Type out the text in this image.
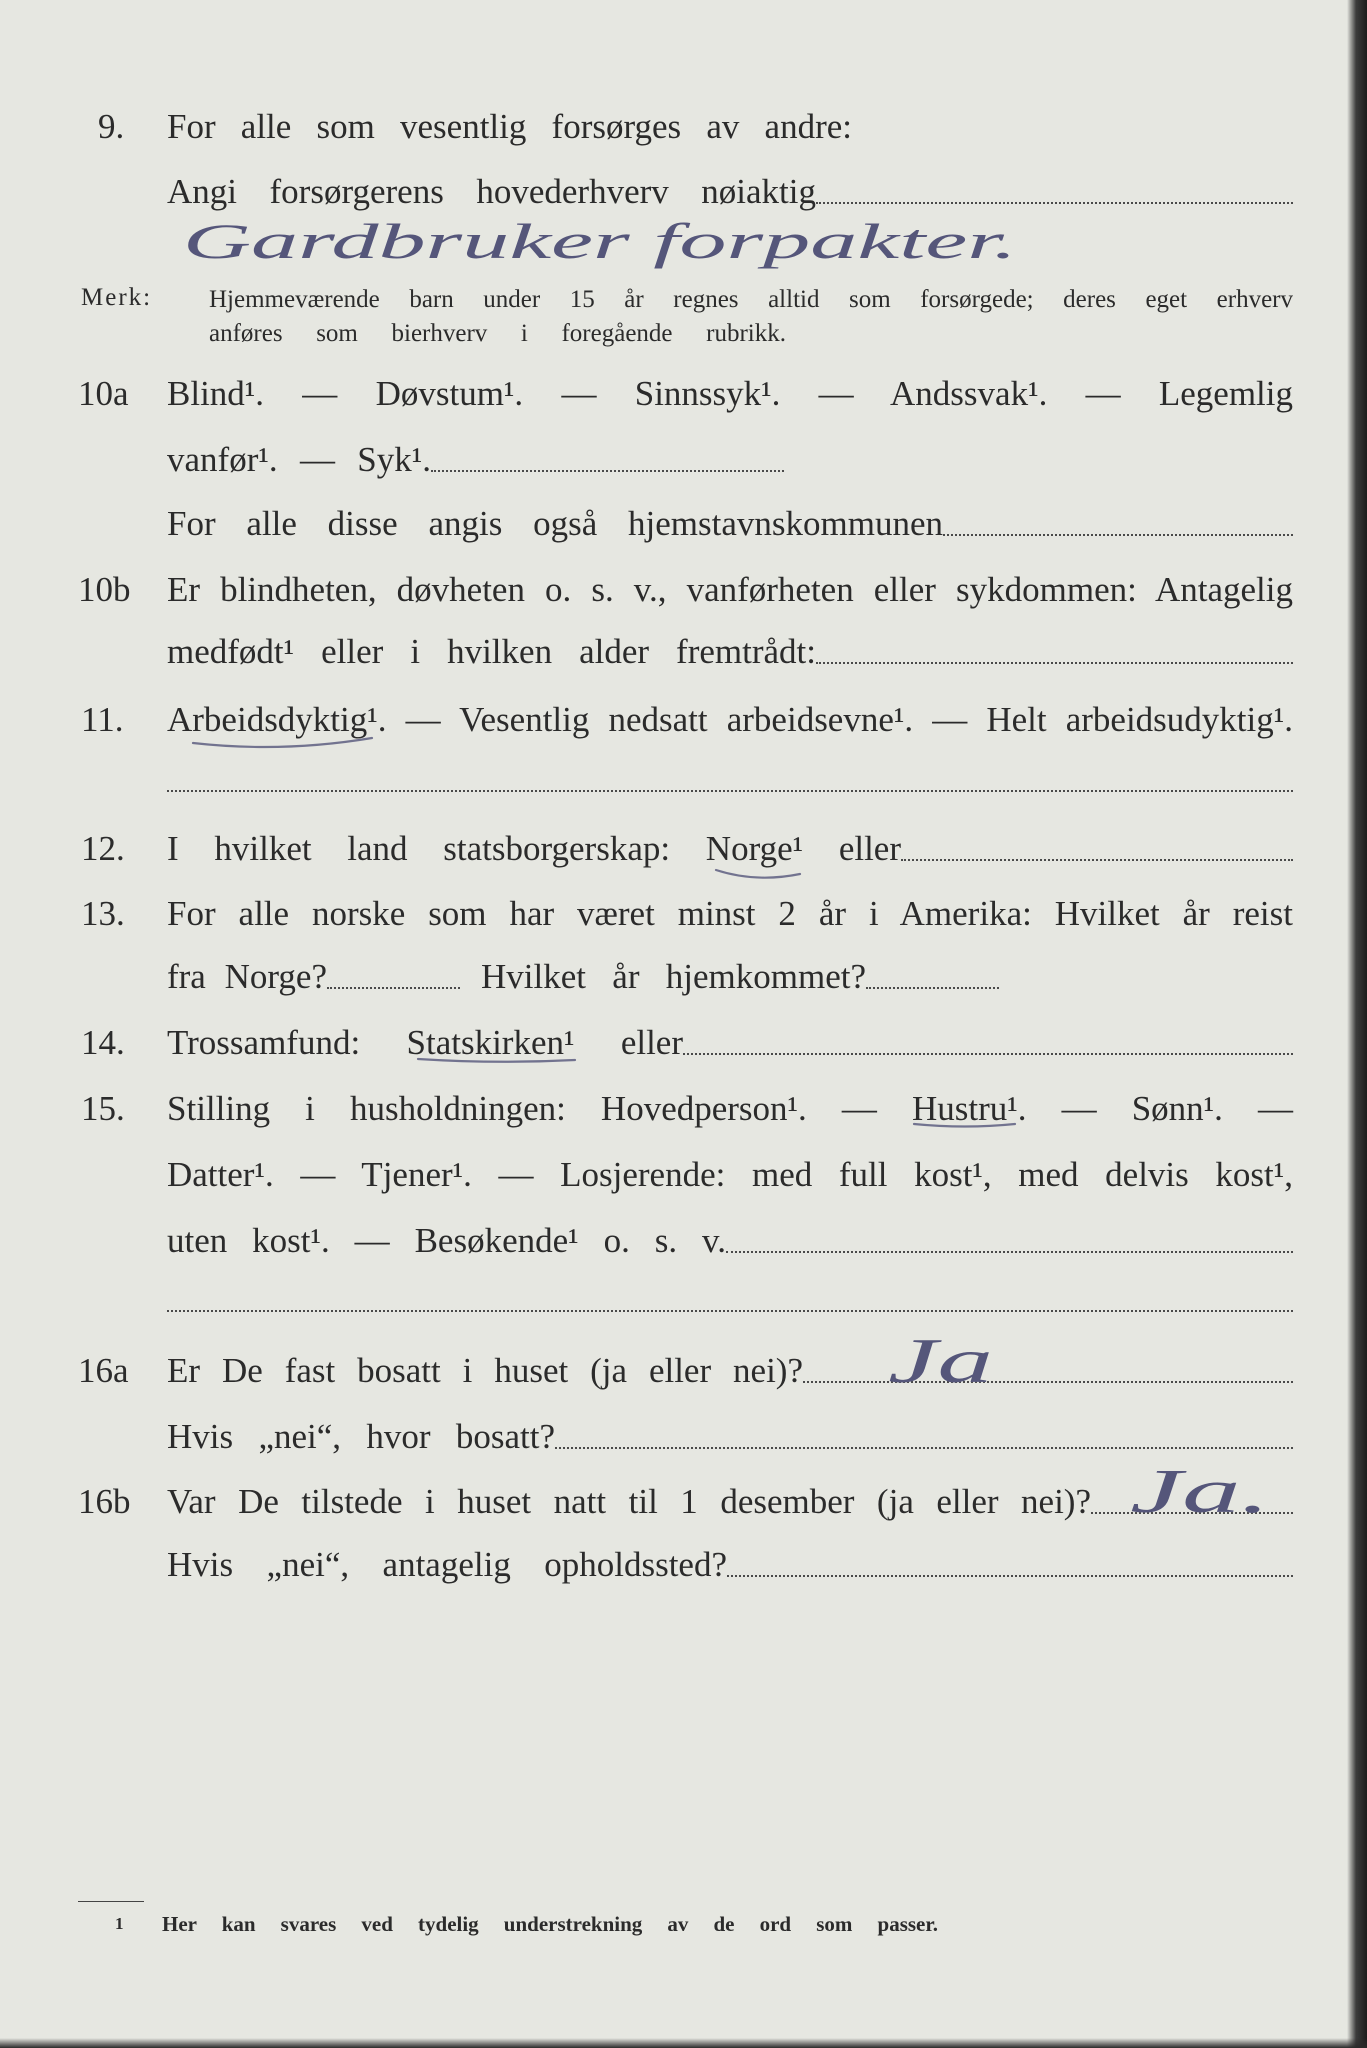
9. For alle som vesentlig forsørges av andre:
Angi forsørgerens hovederhverv nøiaktig
Gardbruker forpakter.
Merk: Hjemmeværende barn under 15 år regnes alltid som forsørgede; deres eget erhverv
anføres som bierhverv i foregående rubrikk.
10a Blind¹. — Døvstum¹. — Sinnssyk¹. — Andssvak¹. — Legemlig
vanfør¹. — Syk¹.
For alle disse angis også hjemstavnskommunen
10b Er blindheten, døvheten o. s. v., vanførheten eller sykdommen: Antagelig
medfødt¹ eller i hvilken alder fremtrådt:
11. Arbeidsdyktig¹. — Vesentlig nedsatt arbeidsevne¹. — Helt arbeidsudyktig¹.
12. I hvilket land statsborgerskap: Norge¹ eller
13. For alle norske som har været minst 2 år i Amerika: Hvilket år reist
fra Norge?	Hvilket år hjemkommet?
14. Trossamfund: Statskirken¹ eller
15. Stilling i husholdningen: Hovedperson¹. — Hustru¹. — Sønn¹. —
Datter¹. — Tjener¹. — Losjerende: med full kost¹, med delvis kost¹,
uten kost¹. — Besøkende¹ o. s. v.
16a Er De fast bosatt i huset (ja eller nei)? Ja
Hvis „nei“, hvor bosatt?
16b Var De tilstede i huset natt til 1 desember (ja eller nei)? Ja.
Hvis „nei“, antagelig opholdssted?
1 Her kan svares ved tydelig understrekning av de ord som passer.
